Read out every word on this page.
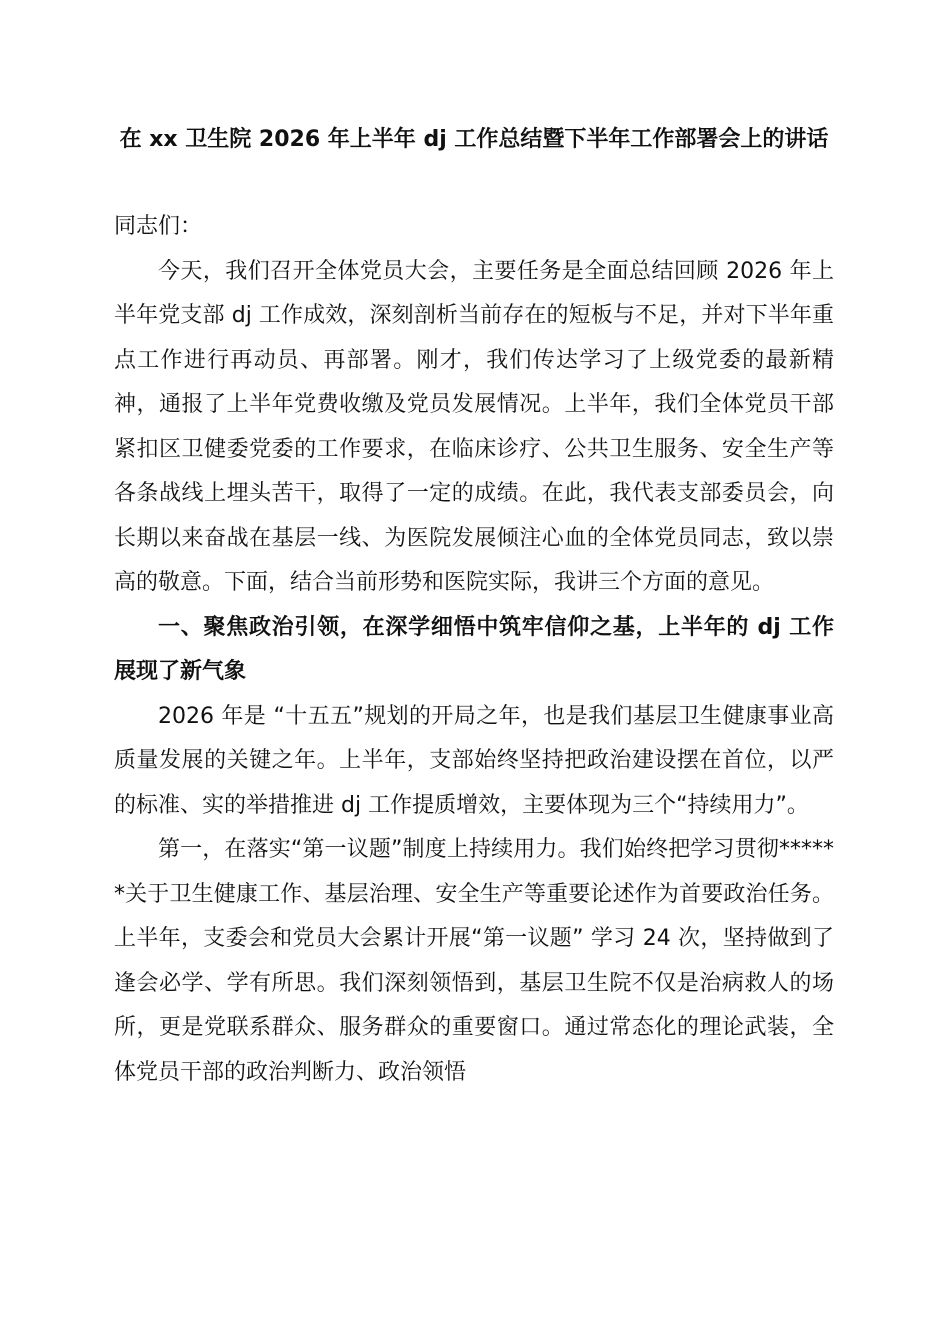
在 xx 卫生院 2026 年上半年 dj 工作总结暨下半年工作部署会上的讲话

同志们：

今天，我们召开全体党员大会，主要任务是全面总结回顾 2026 年上半年党支部 dj 工作成效，深刻剖析当前存在的短板与不足，并对下半年重点工作进行再动员、再部署。刚才，我们传达学习了上级党委的最新精神，通报了上半年党费收缴及党员发展情况。上半年，我们全体党员干部紧扣区卫健委党委的工作要求，在临床诊疗、公共卫生服务、安全生产等各条战线上埋头苦干，取得了一定的成绩。在此，我代表支部委员会，向长期以来奋战在基层一线、为医院发展倾注心血的全体党员同志，致以崇高的敬意。下面，结合当前形势和医院实际，我讲三个方面的意见。

一、聚焦政治引领，在深学细悟中筑牢信仰之基，上半年的 dj 工作展现了新气象

2026 年是 “十五五”规划的开局之年，也是我们基层卫生健康事业高质量发展的关键之年。上半年，支部始终坚持把政治建设摆在首位，以严的标准、实的举措推进 dj 工作提质增效，主要体现为三个“持续用力”。

第一，在落实“第一议题”制度上持续用力。我们始终把学习贯彻******关于卫生健康工作、基层治理、安全生产等重要论述作为首要政治任务。上半年，支委会和党员大会累计开展“第一议题” 学习 24 次，坚持做到了逢会必学、学有所思。我们深刻领悟到，基层卫生院不仅是治病救人的场所，更是党联系群众、服务群众的重要窗口。通过常态化的理论武装，全体党员干部的政治判断力、政治领悟
